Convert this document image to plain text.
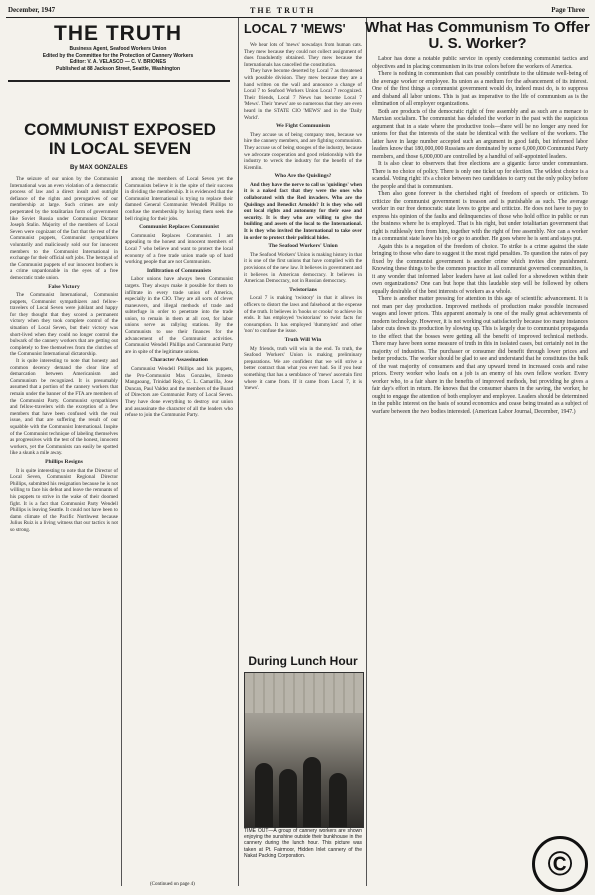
December, 1947	THE TRUTH	Page Three
THE TRUTH
Business Agent, Seafood Workers Union
Edited by the Committee for the Protection of Cannery Workers
Editor: V. A. VELASCO — C. V. BRIONES
Published at 88 Jackson Street, Seattle, Washington
COMMUNIST EXPOSED IN LOCAL SEVEN
By MAX GONZALES

The seizure of our union by the Communist International was an even violation of a democratic process of law and a direct insult and outright defiance of the rights and prerogatives of our membership at large. Such crimes are only perpetrated by the totalitarian form of government like Soviet Russia under Communist Dictator Joseph Stalin. Majority of the members of Local Seven were cognizant of the fact that the rest of the Communist puppets, Communist sympathizers voluntarily and maliciously sold our for innocent members to the Communist International in exchange for their official soft jobs. The betrayal of the Communist puppets of our innocent brothers is a crime unpardonable in the eyes of a free democratic trade union.

False Victory

The Communist International, Communist puppets, Communist sympathizers and fellow-travelers of Local Seven were jubilant and happy for they thought that they scored a permanent victory when they took complete control of the situation of Local Seven, but their victory was short-lived when they could no longer control the bulwark of the cannery workers that are getting out completely to free themselves from the clutches of the Communist International dictatorship.

It is quite interesting to note that honesty and common decency demand the clear line of demarcation between Americanism and Communism be recognized. It is presumably assumed that a portion of the cannery workers that remain under the banner of the FTA are members of the Communist Party. Communist sympathizers and fellow-travelers with the exception of a few members that have been confused with the real issue, and that are suffering the result of our squabble with the Communist International. Inspite of the Communist technique of labeling themselves as progressives with the test of the honest, innocent workers, yet the Communists can easily be spotted like a skunk a mile away.

Phillips Resigns

It is quite interesting to note that the Director of Local Seven, Communist Regional Director Phillips, submitted his resignation because he is not willing to face his defeat and leave the remnants of his puppets to strive in the wake of their doomed fight. It is a fact that Communist Party Wendell Phillips is leaving Seattle. It could not have been to damn climate of the Pacific Northwest because Julius Ruiz is a living witness that our tactics is not so strong.

among the members of Local Seven yet the Communists believe it is the spite of their success in dividing the membership. It is evidenced that the Communist International is trying to replace their damned General Communist Wendell Phillips to confuse the membership by having them seek the bell ringing for their jobs.

Communist Replaces Communist

Communist Replaces Communist. I am appealing to the honest and innocent members of Local 7 who believe and want to protect the local economy of a free trade union made up of hard working people that are not Communists.

Infiltration of Communists

Labor unions have always been Communist targets. They always make it possible for them to infiltrate in every trade union of America, especially in the CIO. They are all sorts of clever maneuvers, and illegal methods of trade and subterfuge in order to penetrate into the trade union, to remain in them at all cost, for labor unions serve as rallying stations. By the Communists to use their finances for the advancement of the Communist activities. Communist Wendell Phillips and Communist Party are in spite of the legitimate unions.

Character Assassination

Communist Wendell Phillips and his puppets, the Pro-Communist Max Gonzales, Ernesto Mangaoang, Trinidad Rojo, C. L. Camarilla, Jose Duncan, Paul Valdez and the members of the Board of Directors are Communist Party of Local Seven. They have done everything to destroy our union and assassinate the character of all the leaders who refuse to join the Communist Party.

(Continued on page 4)
LOCAL 7 'MEWS'

We hear lots of 'mews' nowadays from human cats. They mew because they could not collect assignment of dues fraudulently obtained. They mew because the Internationals has cancelled the constitution.

They have become deserted by Local 7 as threatened with possible division. They mew because they are a hand written on the wall and announce a change of Local 7 to Seafood Workers Union Local 7 recognized. Their friends, Local 7 News has become Local 7 'Mews'. Their 'mews' are so numerous that they are even heard in the STATE CIO 'MEWS' and in the 'Daily World'.

We Fight Communism

They accuse us of being company men, because we hire the cannery members, and are fighting communism. They accuse us of being stooges of the industry, because we advocate cooperation and good relationship with the industry to wreck the industry for the benefit of the Kremlin.

Who Are the Quislings?

And they have the nerve to call us 'quislings' when it is a naked fact that they were the ones who collaborated with the Red invaders. Who are the Quislings and Benedict Arnolds? It is they who sell out local rights and autonomy for their ease and security. It is they who are willing to give the building and assets of the local to the International. It is they who invited the International to take over in order to protect their political hides.

The Seafood Workers' Union

The Seafood Workers' Union is making history in that it is one of the first unions that have complied with the provisions of the new law. It believes in government and it believes in American democracy. It believes in American Democracy, not in Russian democracy.

Twistorians

Local 7 is making 'twistory' in that it allows its officers to distort the laws and falsehood at the expense of the truth. It believes in 'hooks or crooks' to achieve its ends. It has employed 'twistorians' to twist facts for consumption. It has employed 'dummyists' and other 'non' to confuse the issue.

Truth Will Win

My friends, truth will win in the end. To truth, the Seafood Workers' Union is making preliminary preparations. We are confident that we will strive a better contract than what you ever had. So if you hear something that has a semblance of 'mews' ascertain first where it came from. If it came from Local 7, it is 'mews'.

During Lunch Hour
TIME OUT—A group of cannery workers are shown enjoying the sunshine outside their bunkhouse in the cannery during the lunch hour. This picture was taken at Pt. Fairmoor, Hidden Inlet cannery of the Nakat Packing Corporation.
What Has Communism To Offer U. S. Worker?

Labor has done a notable public service in openly condemning communist tactics and objectives and in placing communism in its true colors before the workers of America.

There is nothing in communism that can possibly contribute to the ultimate well-being of the average worker or employee. Its union as a medium for the advancement of its interest. One of the first things a communist government would do, indeed must do, is to suppress and disband all labor unions. This is just as imperative to the life of communism as is the elimination of all employer organizations.

Both are products of the democratic right of free assembly and as such are a menace to Marxian socialism. The communist has deluded the worker in the past with the suspicious argument that in a state where the productive tools—there will be no longer any need for unions for that the interests of the state be identical with the welfare of the workers. The latter have in large number accepted such an argument in good faith, but informed labor leaders know that 180,000,000 Russians are dominated by some 6,000,000 Communist Party members, and those 6,000,000 are controlled by a handful of self-appointed leaders.

It is also clear to observers that free elections are a gigantic farce under communism. There is no choice of policy. There is only one ticket up for election. The wildest choice is a scandal. Voting right: it's a choice between two candidates to carry out the only policy before the people and that is communism.

Then also gone forever is the cherished right of freedom of speech or criticism. To criticize the communist government is treason and is punishable as such. The average worker in our free democratic state loves to gripe and criticize. He does not have to pay to express his opinion of the faults and delinquencies of those who hold office in public or run the business where he is employed. That is his right, but under totalitarian government that right is ruthlessly torn from him, together with the right of free assembly. Nor can a worker in a communist state leave his job or go to another. He goes where he is sent and stays put.

Again this is a negation of the freedom of choice. To strike is a crime against the state bringing to those who dare to suggest it the most rigid penalties. To question the rates of pay fixed by the communist government is another crime which invites dire punishment. Knowing these things to be the common practice in all communist governed communities, is it any wonder that informed labor leaders have at last called for a showdown within their own organizations? One can but hope that this laudable step will be followed by others equally desirable of the best interests of workers as a whole.

There is another matter pressing for attention in this age of scientific advancement. It is not man per day production. Improved methods of production make possible increased wages and lower prices. This apparent anomaly is one of the really great achievements of modern technology. However, it is not working out satisfactorily because too many instances labor cuts down its production by slowing up. This is largely due to communist propaganda to the effect that the bosses were getting all the benefit of improved technical methods. There may have been some measure of truth in this in isolated cases, but certainly not in the majority of industries. The purchaser or consumer did benefit through lower prices and better products. The worker should be glad to see and understand that he constitutes the bulk of the vast majority of consumers and that any upward trend in increased costs and raise prices. Every worker who loafs on a job is an enemy of his own fellow worker. Every worker who, to a fair share in the benefits of improved methods, but providing he gives a fair day's effort in return. He knows that the consumer shares in the saving, the worker, he ought to engage the attention of both employer and employee. Leaders should be determined in the public interest on the basis of sound economics and cease being treated as a subject of warfare between the two bodies interested. (American Labor Journal, December, 1947.)

©
